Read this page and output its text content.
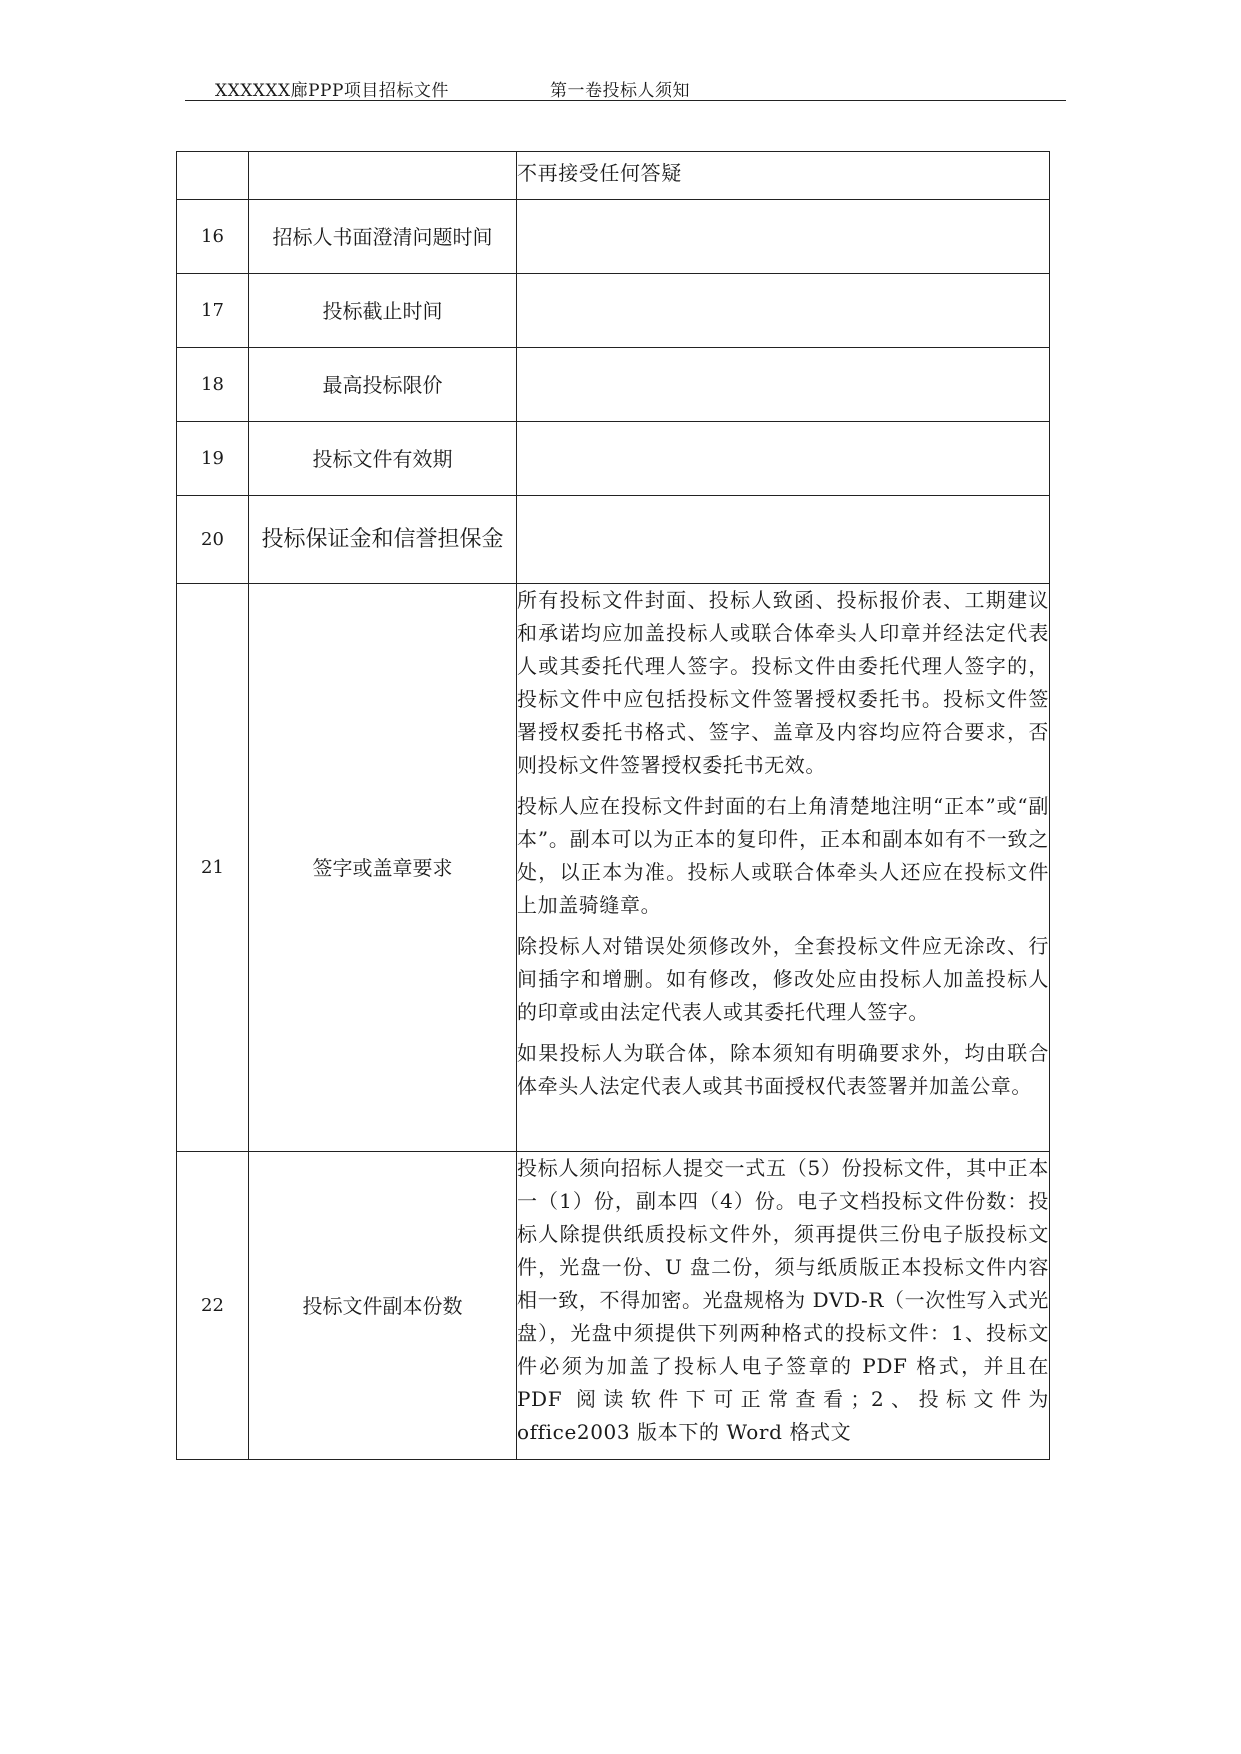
XXXXXX廊PPP项目招标文件	第一卷投标人须知

		不再接受任何答疑

16	招标人书面澄清问题时间	
17	投标截止时间	
18	最高投标限价	
19	投标文件有效期	
20	投标保证金和信誉担保金	
21	签字或盖章要求	所有投标文件封面、投标人致函、投标报价表、工期建议和承诺均应加盖投标人或联合体牵头人印章并经法定代表人或其委托代理人签字。投标文件由委托代理人签字的，投标文件中应包括投标文件签署授权委托书。投标文件签署授权委托书格式、签字、盖章及内容均应符合要求，否则投标文件签署授权委托书无效。

投标人应在投标文件封面的右上角清楚地注明“正本”或“副本”。副本可以为正本的复印件，正本和副本如有不一致之处，以正本为准。投标人或联合体牵头人还应在投标文件上加盖骑缝章。

除投标人对错误处须修改外，全套投标文件应无涂改、行间插字和增删。如有修改，修改处应由投标人加盖投标人的印章或由法定代表人或其委托代理人签字。

如果投标人为联合体，除本须知有明确要求外，均由联合体牵头人法定代表人或其书面授权代表签署并加盖公章。

22	投标文件副本份数	投标人须向招标人提交一式五（5）份投标文件，其中正本一（1）份，副本四（4）份。电子文档投标文件份数：投标人除提供纸质投标文件外，须再提供三份电子版投标文件，光盘一份、U 盘二份，须与纸质版正本投标文件内容相一致，不得加密。光盘规格为 DVD-R（一次性写入式光盘），光盘中须提供下列两种格式的投标文件：1、投标文件必须为加盖了投标人电子签章的 PDF 格式，并且在 PDF 阅读软件下可正常查看；2、投标文件为 office2003 版本下的 Word 格式文
